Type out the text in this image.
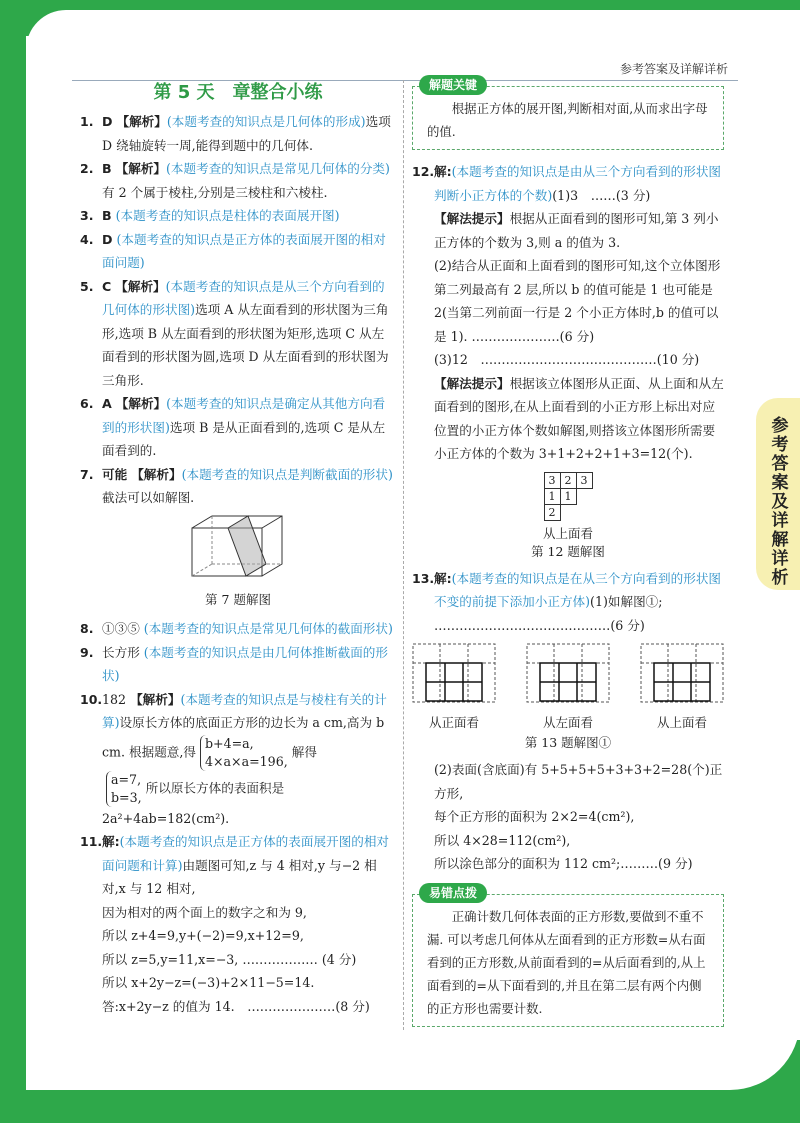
参考答案及详解详析
参考答案及详解详析
第 5 天　章整合小练

1. D 【解析】(本题考查的知识点是几何体的形成)选项 D 绕轴旋转一周,能得到题中的几何体.

2. B 【解析】(本题考查的知识点是常见几何体的分类)有 2 个属于棱柱,分别是三棱柱和六棱柱.

3. B (本题考查的知识点是柱体的表面展开图)

4. D (本题考查的知识点是正方体的表面展开图的相对面问题)

5. C 【解析】(本题考查的知识点是从三个方向看到的几何体的形状图)选项 A 从左面看到的形状图为三角形,选项 B 从左面看到的形状图为矩形,选项 C 从左面看到的形状图为圆,选项 D 从左面看到的形状图为三角形.

6. A 【解析】(本题考查的知识点是确定从其他方向看到的形状图)选项 B 是从正面看到的,选项 C 是从左面看到的.

7. 可能 【解析】(本题考查的知识点是判断截面的形状)截法可以如解图.

第 7 题解图

8. ①③⑤ (本题考查的知识点是常见几何体的截面形状)

9. 长方形 (本题考查的知识点是由几何体推断截面的形状)

10. 182 【解析】(本题考查的知识点是与棱柱有关的计算)设原长方体的底面正方形的边长为 a cm,高为 b cm. 根据题意,得b+4=a,
4×a×a=196,解得
a=7,
b=3,所以原长方体的表面积是 2a²+4ab=182(cm²).

11. 解:(本题考查的知识点是正方体的表面展开图的相对面问题和计算)由题图可知,z 与 4 相对,y 与−2 相对,x 与 12 相对,
因为相对的两个面上的数字之和为 9,
所以 z+4=9,y+(−2)=9,x+12=9,
所以 z=5,y=11,x=−3, ……………… (4 分)
所以 x+2y−z=(−3)+2×11−5=14.
答:x+2y−z 的值为 14.　…………………(8 分)

解题关键

根据正方体的展开图,判断相对面,从而求出字母的值.

12. 解:(本题考查的知识点是由从三个方向看到的形状图判断小正方体的个数)(1)3　……(3 分)
【解法提示】根据从正面看到的图形可知,第 3 列小正方体的个数为 3,则 a 的值为 3.
(2)结合从正面和上面看到的图形可知,这个立体图形第二列最高有 2 层,所以 b 的值可能是 1 也可能是 2(当第二列前面一行是 2 个小正方体时,b 的值可以是 1). …………………(6 分)
(3)12　……………………………………(10 分)
【解法提示】根据该立体图形从正面、从上面和从左面看到的图形,在从上面看到的小正方形上标出对应位置的小正方体个数如解图,则搭该立体图形所需要小正方体的个数为 3+1+2+2+1+3=12(个).

3	2	3
1	1	
2		
从上面看
第 12 题解图

13. 解:(本题考查的知识点是在从三个方向看到的形状图不变的前提下添加小正方体)(1)如解图①; ……………………………………(6 分)

从正面看	从左面看	从上面看
第 13 题解图①

(2)表面(含底面)有 5+5+5+5+3+3+2=28(个)正方形,
每个正方形的面积为 2×2=4(cm²),
所以 4×28=112(cm²),
所以涂色部分的面积为 112 cm²;………(9 分)

易错点拨

正确计数几何体表面的正方形数,要做到不重不漏. 可以考虑几何体从左面看到的正方形数=从右面看到的正方形数,从前面看到的=从后面看到的,从上面看到的=从下面看到的,并且在第二层有两个内侧的正方形也需要计数.
